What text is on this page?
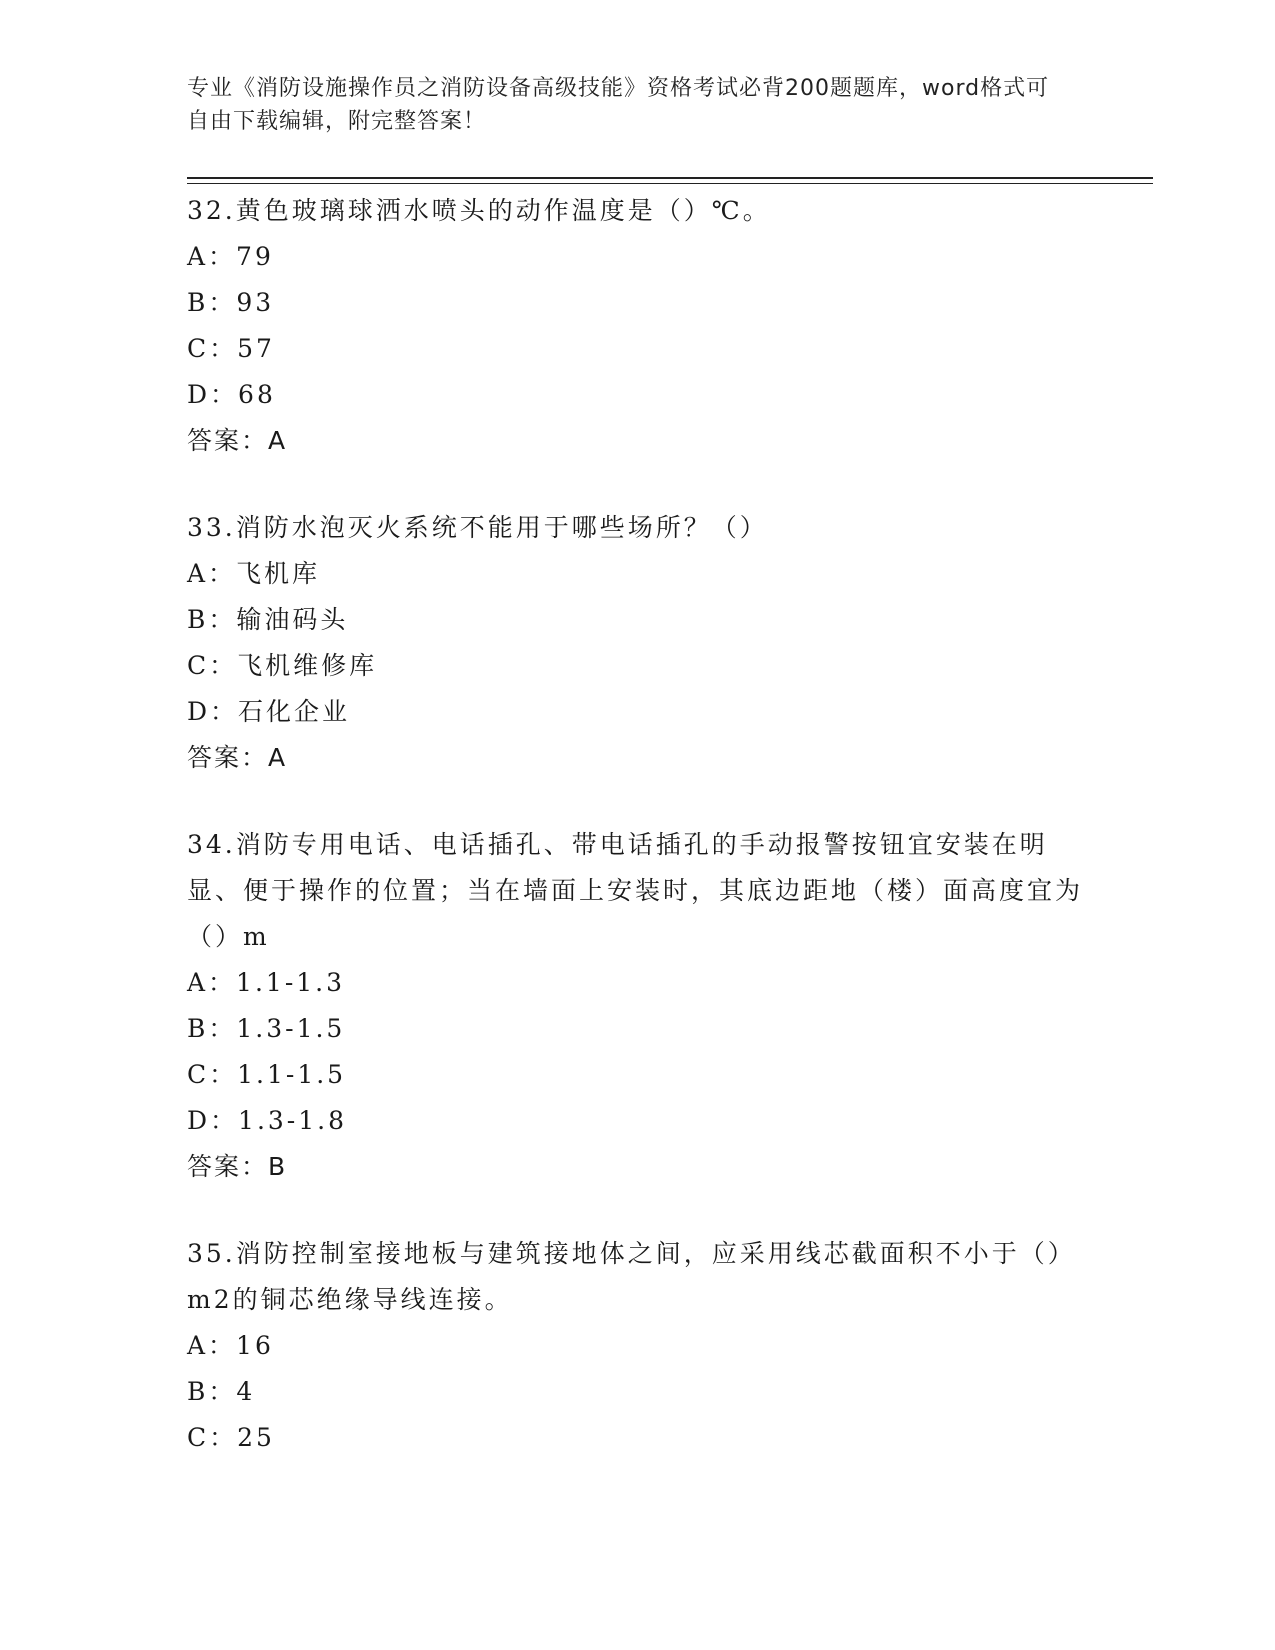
专业《消防设施操作员之消防设备高级技能》资格考试必背200题题库，word格式可自由下载编辑，附完整答案！

32.黄色玻璃球洒水喷头的动作温度是（）℃。

A：79

B：93

C：57

D：68

答案：A

33.消防水泡灭火系统不能用于哪些场所？（）

A：飞机库

B：输油码头

C：飞机维修库

D：石化企业

答案：A

34.消防专用电话、电话插孔、带电话插孔的手动报警按钮宜安装在明显、便于操作的位置；当在墙面上安装时，其底边距地（楼）面高度宜为（）m

A：1.1-1.3

B：1.3-1.5

C：1.1-1.5

D：1.3-1.8

答案：B

35.消防控制室接地板与建筑接地体之间，应采用线芯截面积不小于（）m2的铜芯绝缘导线连接。

A：16

B：4

C：25
